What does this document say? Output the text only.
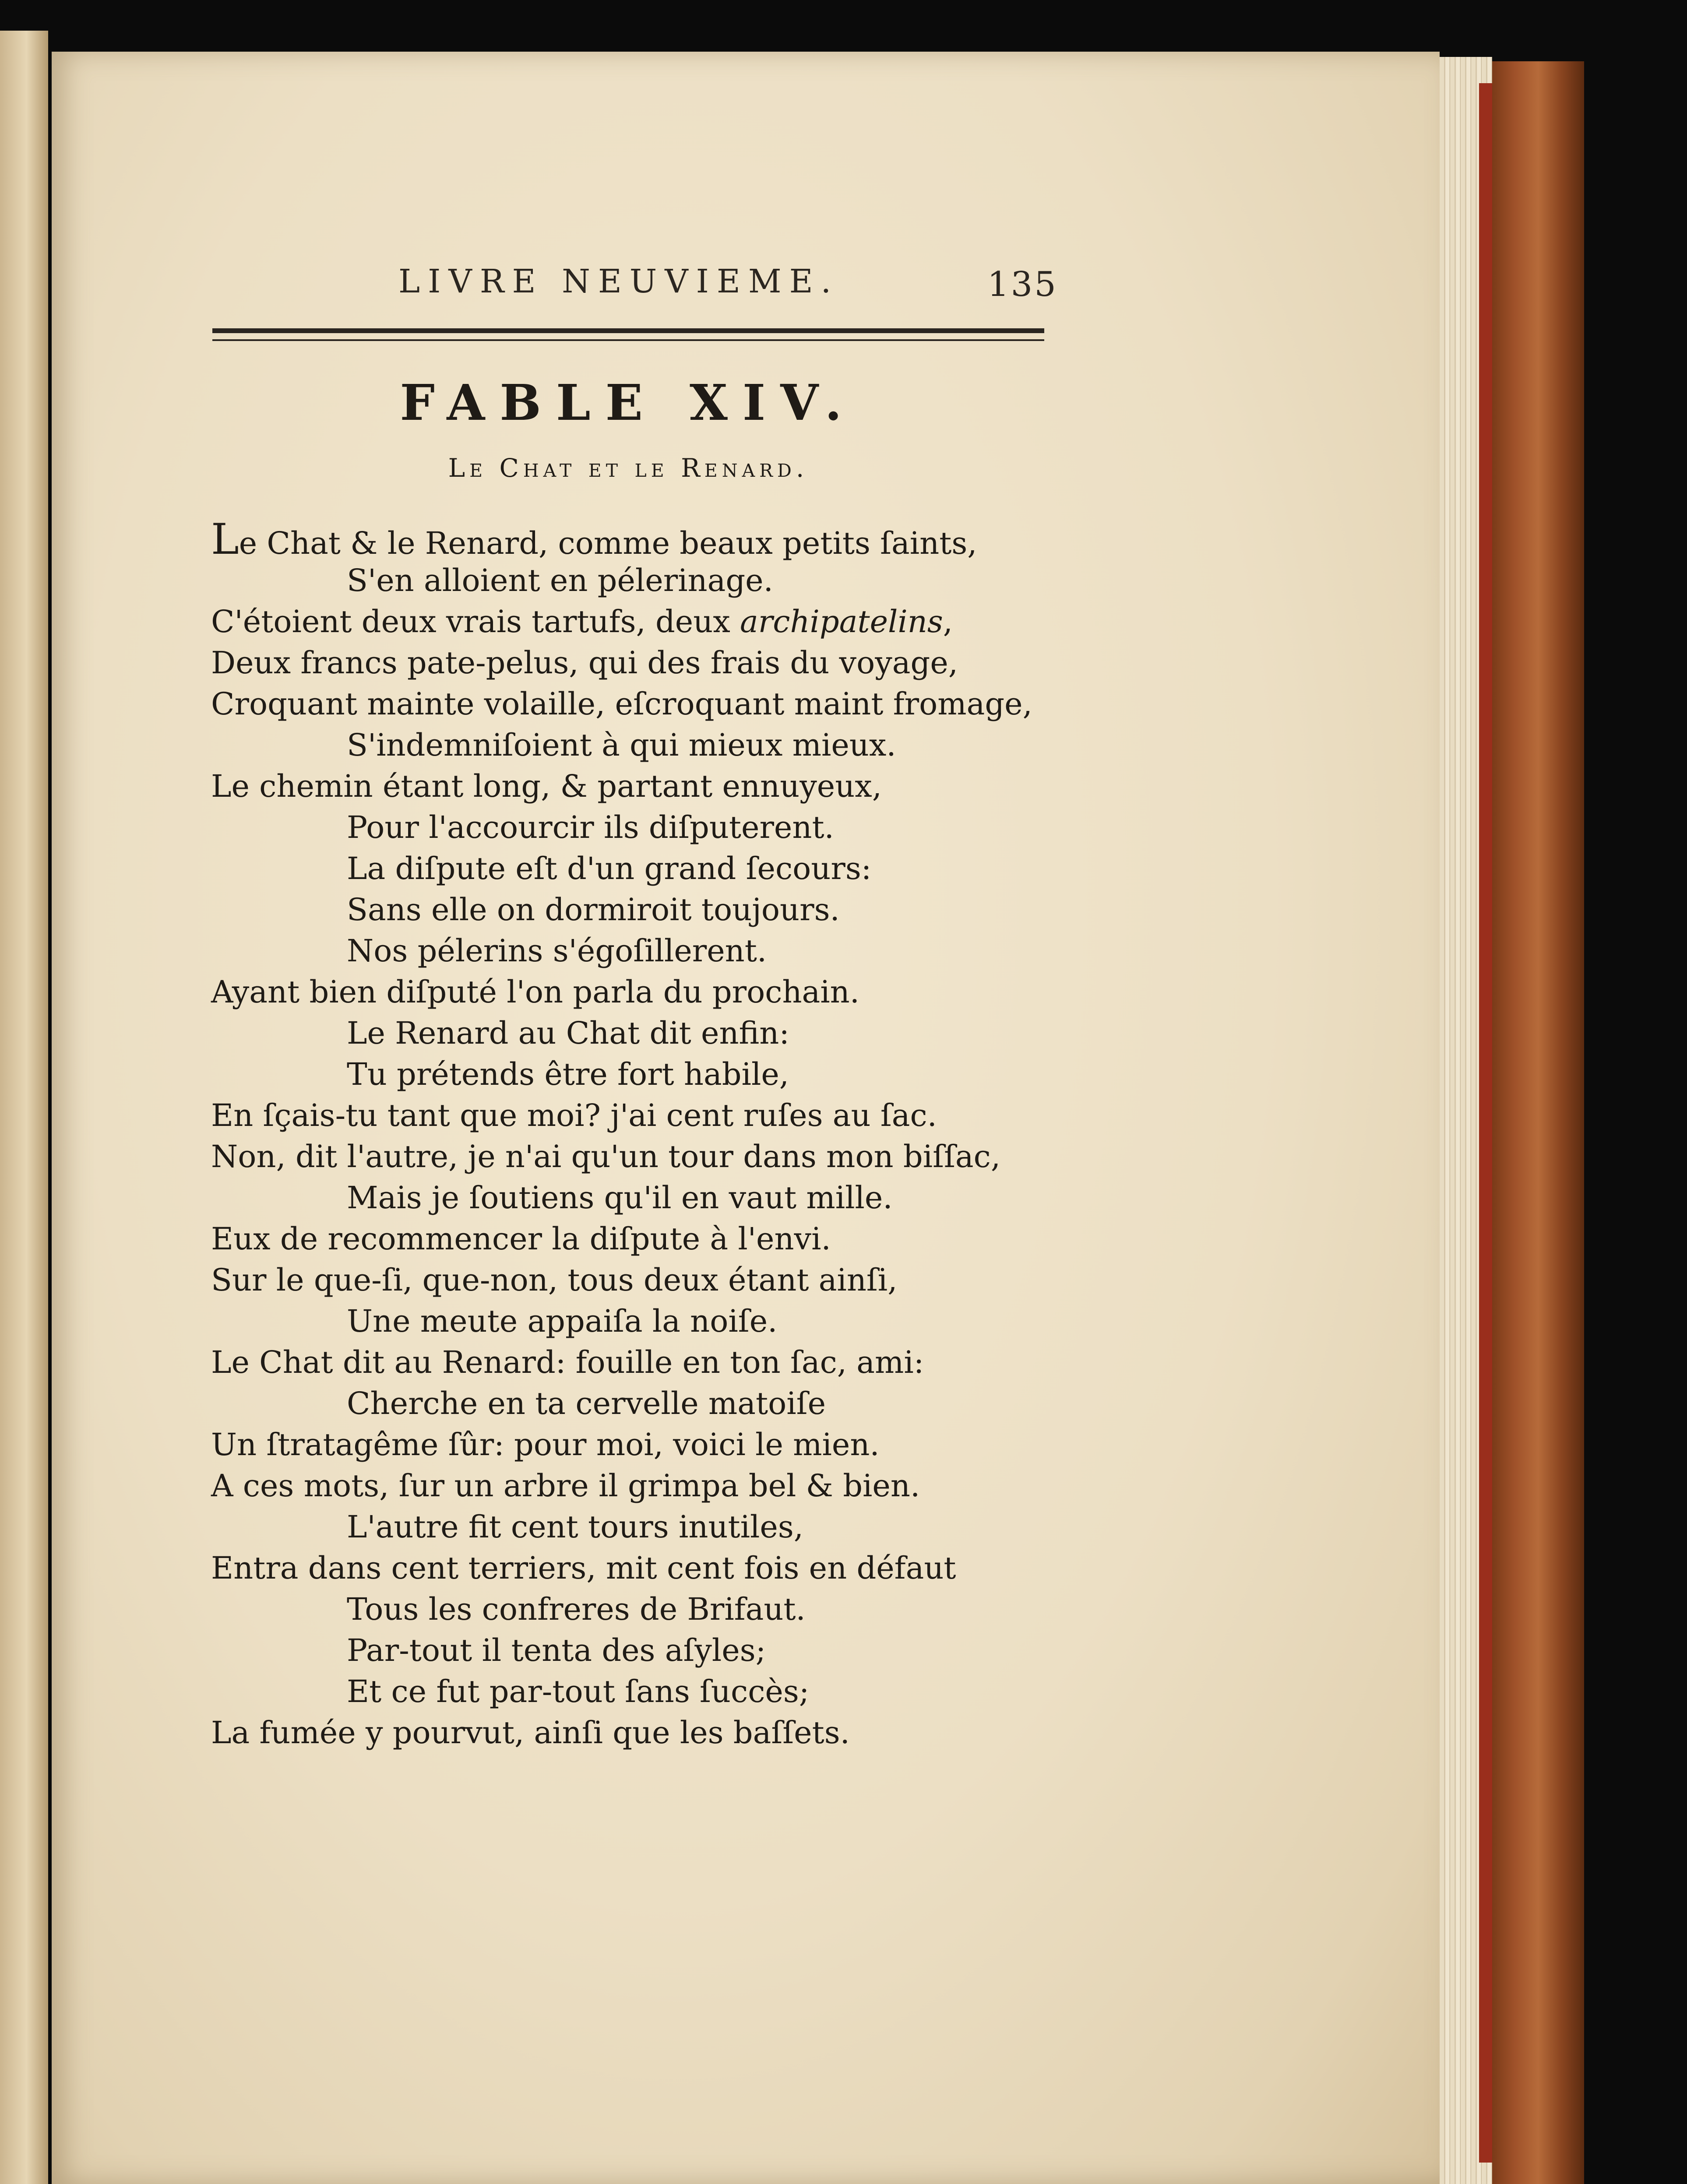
LIVRE NEUVIEME.	135
FABLE XIV.
Le Chat et le Renard.
Le Chat & le Renard, comme beaux petits ſaints,
S'en alloient en pélerinage.
C'étoient deux vrais tartufs, deux archipatelins,
Deux francs pate-pelus, qui des frais du voyage,
Croquant mainte volaille, eſcroquant maint fromage,
S'indemniſoient à qui mieux mieux.
Le chemin étant long, & partant ennuyeux,
Pour l'accourcir ils diſputerent.
La diſpute eſt d'un grand ſecours:
Sans elle on dormiroit toujours.
Nos pélerins s'égoſillerent.
Ayant bien diſputé l'on parla du prochain.
Le Renard au Chat dit enfin:
Tu prétends être fort habile,
En ſçais-tu tant que moi? j'ai cent ruſes au ſac.
Non, dit l'autre, je n'ai qu'un tour dans mon biſſac,
Mais je ſoutiens qu'il en vaut mille.
Eux de recommencer la diſpute à l'envi.
Sur le que-ſi, que-non, tous deux étant ainſi,
Une meute appaiſa la noiſe.
Le Chat dit au Renard: fouille en ton ſac, ami:
Cherche en ta cervelle matoiſe
Un ſtratagême ſûr: pour moi, voici le mien.
A ces mots, ſur un arbre il grimpa bel & bien.
L'autre fit cent tours inutiles,
Entra dans cent terriers, mit cent fois en défaut
Tous les confreres de Brifaut.
Par-tout il tenta des aſyles;
Et ce fut par-tout ſans ſuccès;
La fumée y pourvut, ainſi que les baſſets.
